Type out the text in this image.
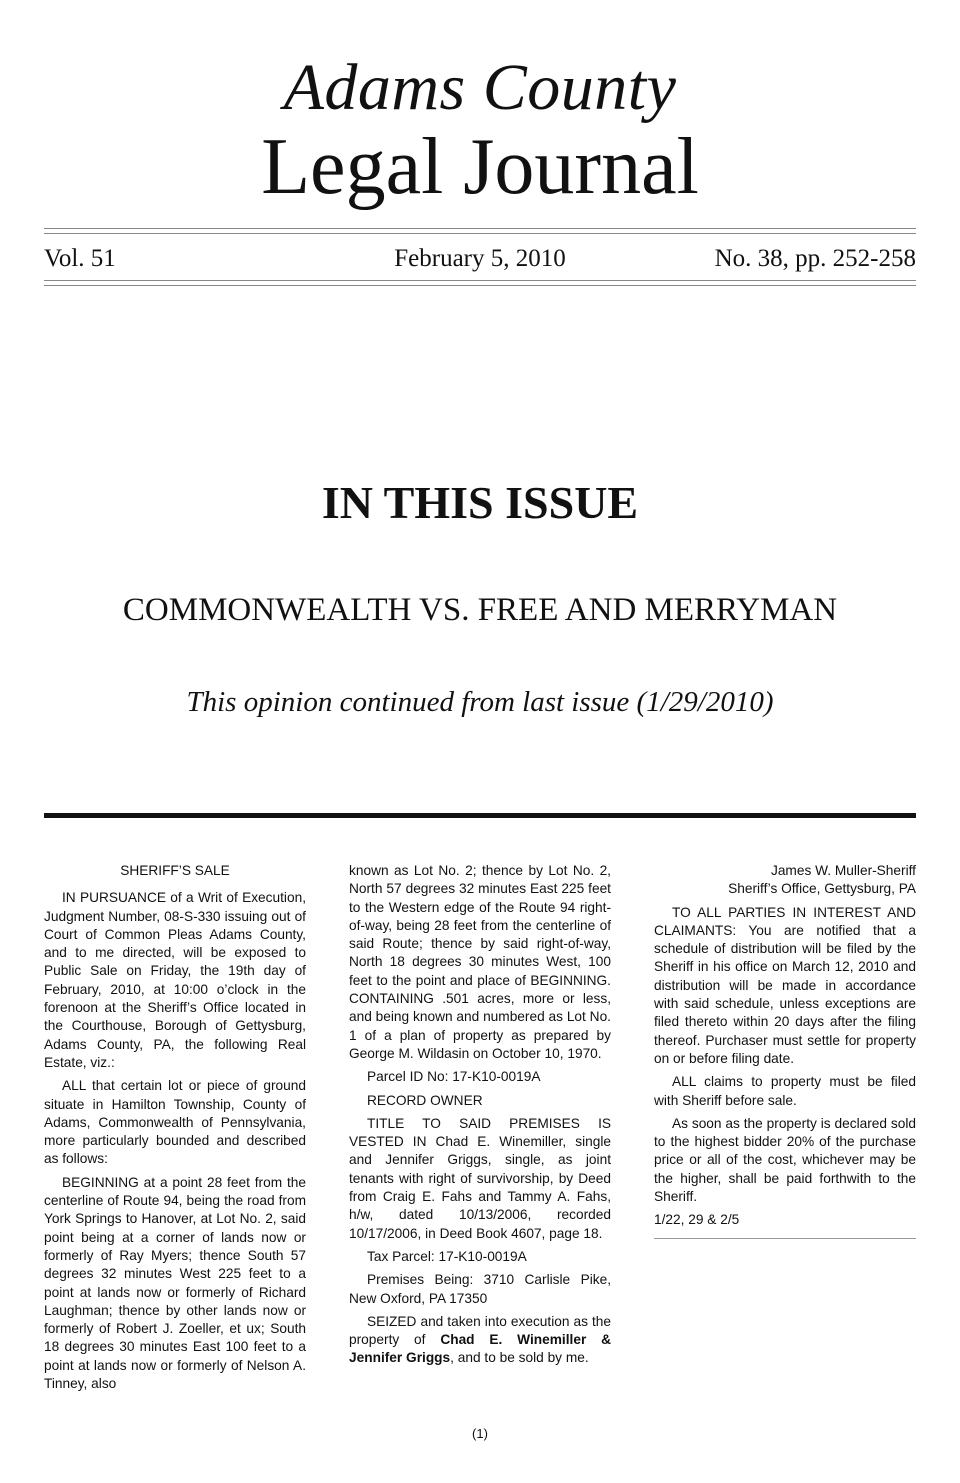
Adams County
Legal Journal
Vol. 51	February 5, 2010	No. 38, pp. 252-258
IN THIS ISSUE
COMMONWEALTH VS. FREE AND MERRYMAN
This opinion continued from last issue (1/29/2010)

SHERIFF’S SALE

IN PURSUANCE of a Writ of Execution, Judgment Number, 08-S-330 issuing out of Court of Common Pleas Adams County, and to me directed, will be exposed to Public Sale on Friday, the 19th day of February, 2010, at 10:00 o’clock in the forenoon at the Sheriff’s Office located in the Courthouse, Borough of Gettysburg, Adams County, PA, the following Real Estate, viz.:

ALL that certain lot or piece of ground situate in Hamilton Township, County of Adams, Commonwealth of Pennsylvania, more particularly bounded and described as follows:

BEGINNING at a point 28 feet from the centerline of Route 94, being the road from York Springs to Hanover, at Lot No. 2, said point being at a corner of lands now or formerly of Ray Myers; thence South 57 degrees 32 minutes West 225 feet to a point at lands now or formerly of Richard Laughman; thence by other lands now or formerly of Robert J. Zoeller, et ux; South 18 degrees 30 minutes East 100 feet to a point at lands now or formerly of Nelson A. Tinney, also

known as Lot No. 2; thence by Lot No. 2, North 57 degrees 32 minutes East 225 feet to the Western edge of the Route 94 right-of-way, being 28 feet from the centerline of said Route; thence by said right-of-way, North 18 degrees 30 minutes West, 100 feet to the point and place of BEGINNING. CONTAINING .501 acres, more or less, and being known and numbered as Lot No. 1 of a plan of property as prepared by George M. Wildasin on October 10, 1970.

Parcel ID No: 17-K10-0019A

RECORD OWNER

TITLE TO SAID PREMISES IS VESTED IN Chad E. Winemiller, single and Jennifer Griggs, single, as joint tenants with right of survivorship, by Deed from Craig E. Fahs and Tammy A. Fahs, h/w, dated 10/13/2006, recorded 10/17/2006, in Deed Book 4607, page 18.

Tax Parcel: 17-K10-0019A

Premises Being: 3710 Carlisle Pike, New Oxford, PA 17350

SEIZED and taken into execution as the property of Chad E. Winemiller & Jennifer Griggs, and to be sold by me.

James W. Muller-Sheriff

Sheriff’s Office, Gettysburg, PA

TO ALL PARTIES IN INTEREST AND CLAIMANTS: You are notified that a schedule of distribution will be filed by the Sheriff in his office on March 12, 2010 and distribution will be made in accordance with said schedule, unless exceptions are filed thereto within 20 days after the filing thereof. Purchaser must settle for property on or before filing date.

ALL claims to property must be filed with Sheriff before sale.

As soon as the property is declared sold to the highest bidder 20% of the purchase price or all of the cost, whichever may be the higher, shall be paid forthwith to the Sheriff.

1/22, 29 & 2/5

(1)
